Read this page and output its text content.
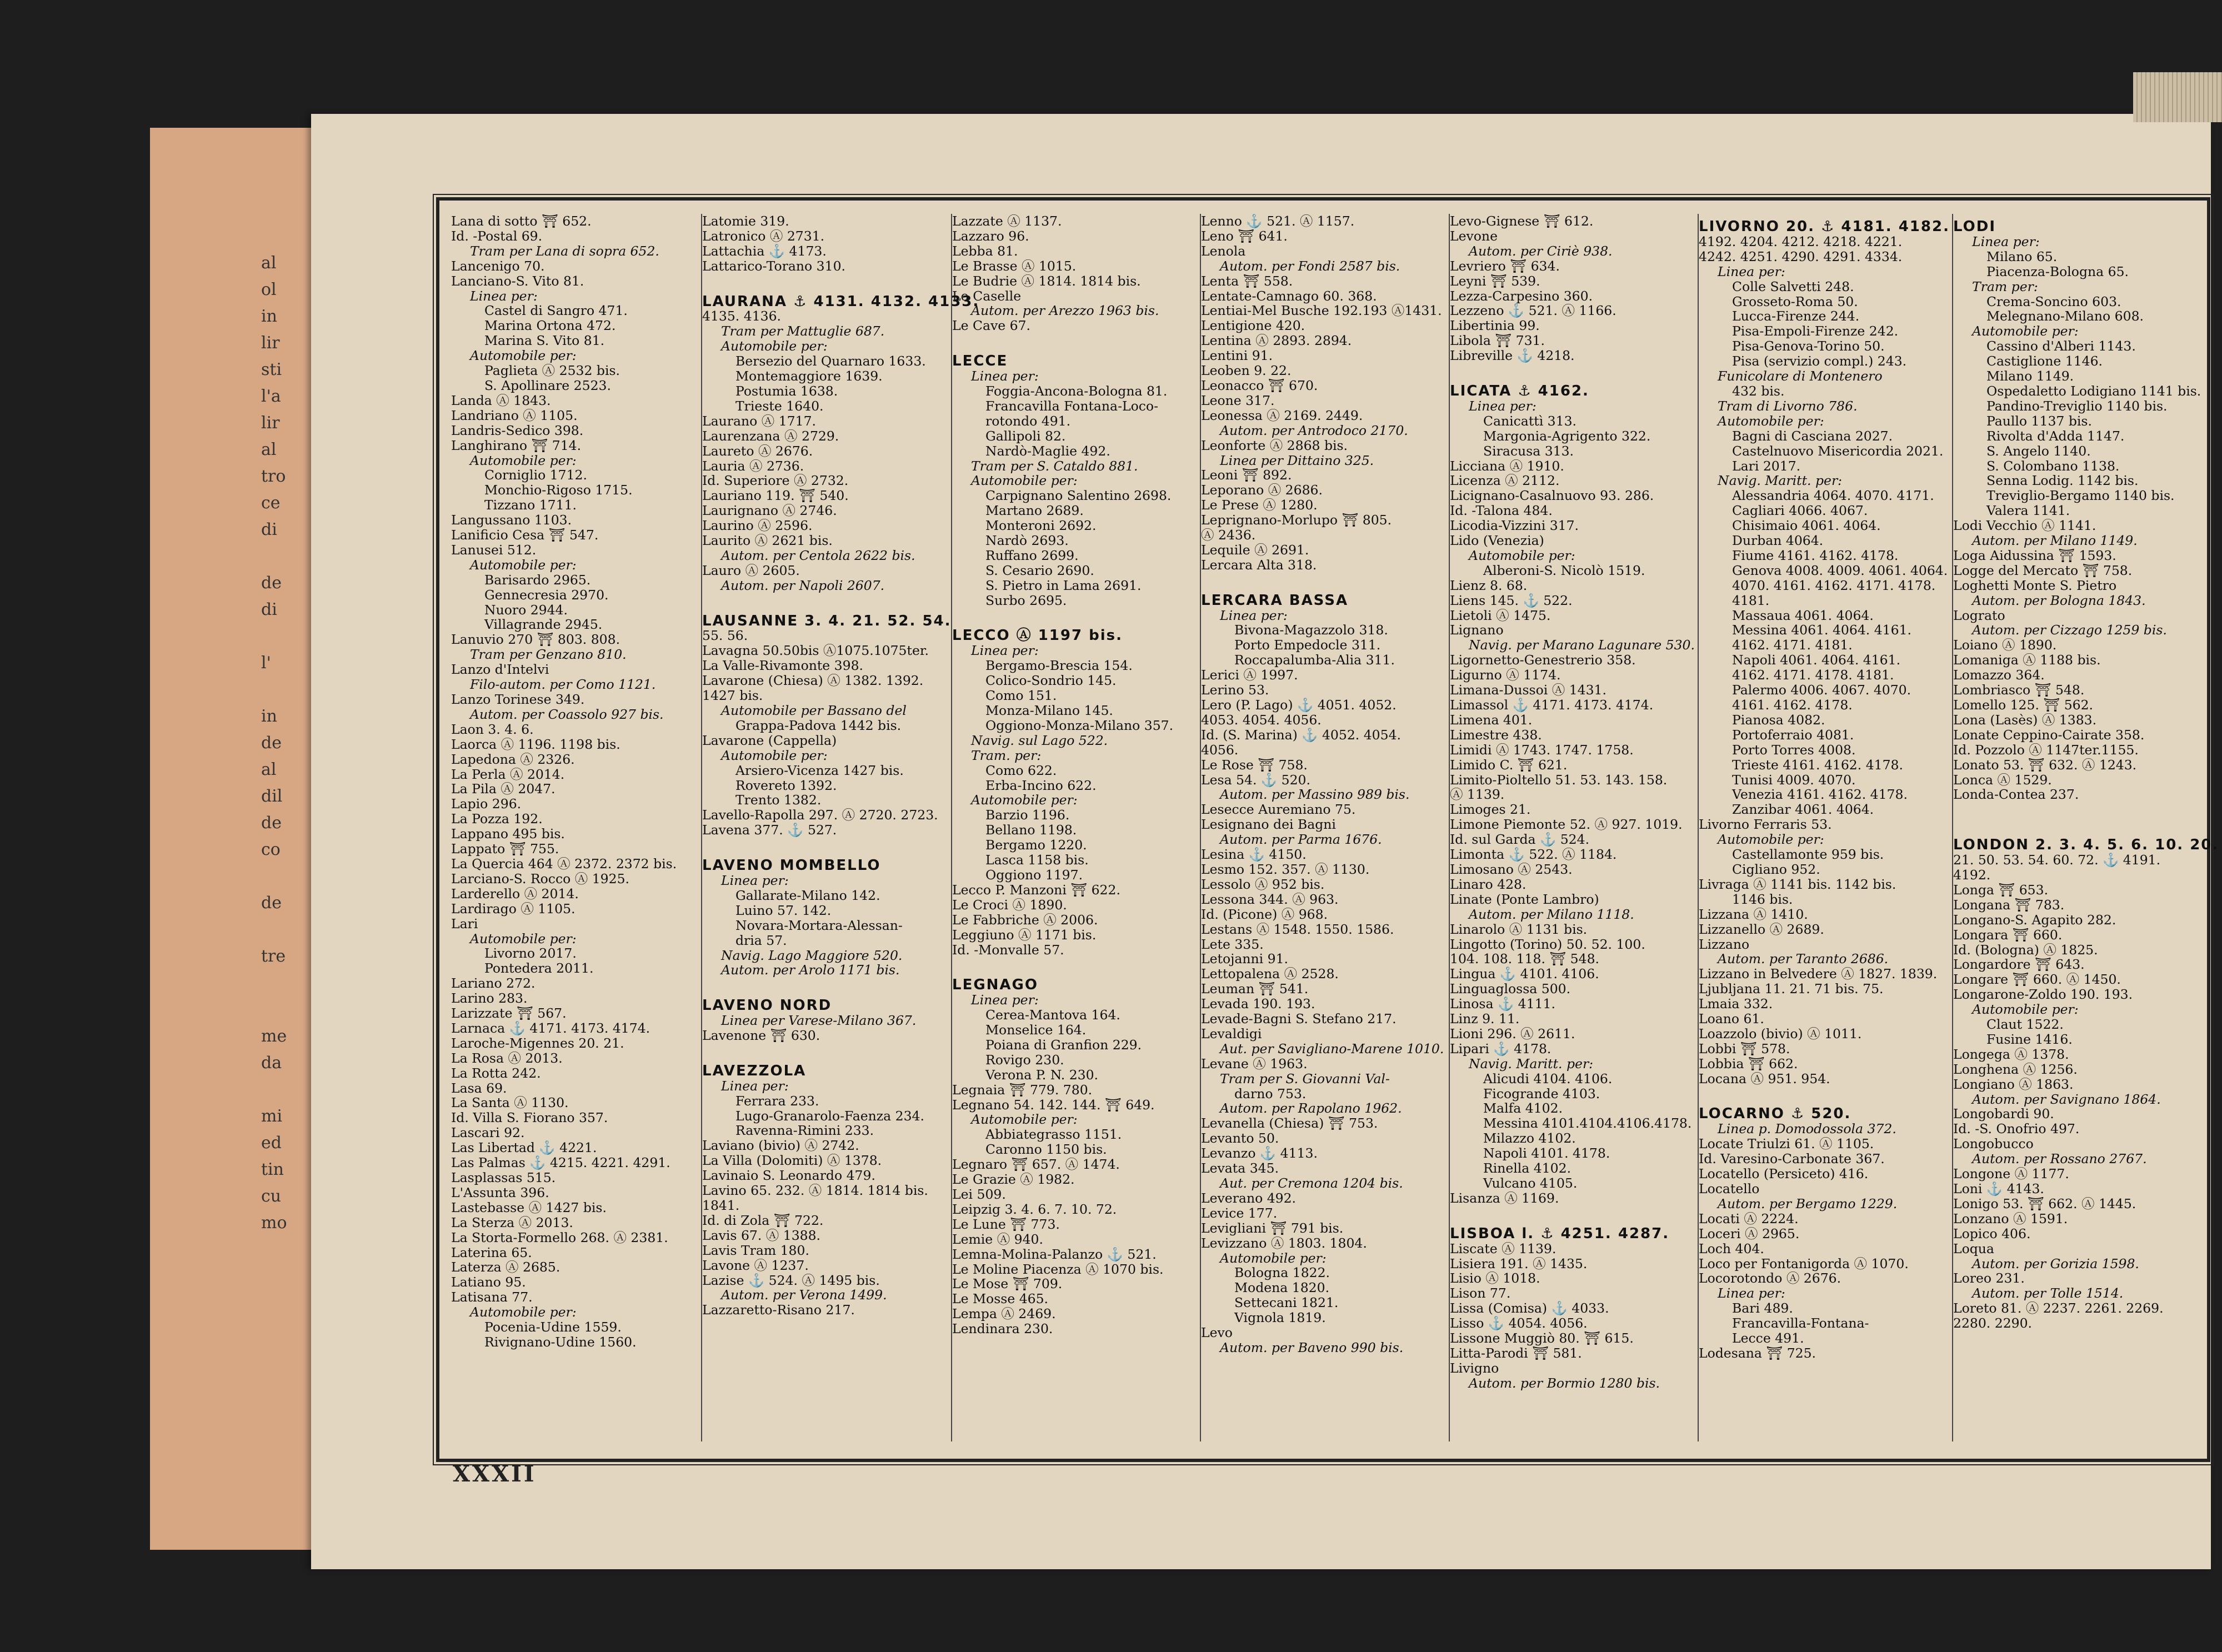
al
ol
in
lir
sti
l'a
lir
al
tro
ce
di

de
di

l'

in
de
al
dil
de
co

de

tre

me
da

mi
ed
tin
cu
mo
Lana di sotto ⛩ 652.
Id. -Postal 69.
Tram per Lana di sopra 652.
Lancenigo 70.
Lanciano-S. Vito 81.
Linea per:
Castel di Sangro 471.
Marina Ortona 472.
Marina S. Vito 81.
Automobile per:
Paglieta Ⓐ 2532 bis.
S. Apollinare 2523.
Landa Ⓐ 1843.
Landriano Ⓐ 1105.
Landris-Sedico 398.
Langhirano ⛩ 714.
Automobile per:
Corniglio 1712.
Monchio-Rigoso 1715.
Tizzano 1711.
Langussano 1103.
Lanificio Cesa ⛩ 547.
Lanusei 512.
Automobile per:
Barisardo 2965.
Gennecresia 2970.
Nuoro 2944.
Villagrande 2945.
Lanuvio 270 ⛩ 803. 808.
Tram per Genzano 810.
Lanzo d'Intelvi
Filo-autom. per Como 1121.
Lanzo Torinese 349.
Autom. per Coassolo 927 bis.
Laon 3. 4. 6.
Laorca Ⓐ 1196. 1198 bis.
Lapedona Ⓐ 2326.
La Perla Ⓐ 2014.
La Pila Ⓐ 2047.
Lapio 296.
La Pozza 192.
Lappano 495 bis.
Lappato ⛩ 755.
La Quercia 464 Ⓐ 2372. 2372 bis.
Larciano-S. Rocco Ⓐ 1925.
Larderello Ⓐ 2014.
Lardirago Ⓐ 1105.
Lari
Automobile per:
Livorno 2017.
Pontedera 2011.
Lariano 272.
Larino 283.
Larizzate ⛩ 567.
Larnaca ⚓ 4171. 4173. 4174.
Laroche-Migennes 20. 21.
La Rosa Ⓐ 2013.
La Rotta 242.
Lasa 69.
La Santa Ⓐ 1130.
Id. Villa S. Fiorano 357.
Lascari 92.
Las Libertad ⚓ 4221.
Las Palmas ⚓ 4215. 4221. 4291.
Lasplassas 515.
L'Assunta 396.
Lastebasse Ⓐ 1427 bis.
La Sterza Ⓐ 2013.
La Storta-Formello 268. Ⓐ 2381.
Laterina 65.
Laterza Ⓐ 2685.
Latiano 95.
Latisana 77.
Automobile per:
Pocenia-Udine 1559.
Rivignano-Udine 1560.
Latomie 319.
Latronico Ⓐ 2731.
Lattachia ⚓ 4173.
Lattarico-Torano 310.

LAURANA ⚓ 4131. 4132. 4133.
4135. 4136.
Tram per Mattuglie 687.
Automobile per:
Bersezio del Quarnaro 1633.
Montemaggiore 1639.
Postumia 1638.
Trieste 1640.
Laurano Ⓐ 1717.
Laurenzana Ⓐ 2729.
Laureto Ⓐ 2676.
Lauria Ⓐ 2736.
Id. Superiore Ⓐ 2732.
Lauriano 119. ⛩ 540.
Laurignano Ⓐ 2746.
Laurino Ⓐ 2596.
Laurito Ⓐ 2621 bis.
Autom. per Centola 2622 bis.
Lauro Ⓐ 2605.
Autom. per Napoli 2607.

LAUSANNE 3. 4. 21. 52. 54.
55. 56.
Lavagna 50.50bis Ⓐ1075.1075ter.
La Valle-Rivamonte 398.
Lavarone (Chiesa) Ⓐ 1382. 1392.
1427 bis.
Automobile per Bassano del
Grappa-Padova 1442 bis.
Lavarone (Cappella)
Automobile per:
Arsiero-Vicenza 1427 bis.
Rovereto 1392.
Trento 1382.
Lavello-Rapolla 297. Ⓐ 2720. 2723.
Lavena 377. ⚓ 527.

LAVENO MOMBELLO
Linea per:
Gallarate-Milano 142.
Luino 57. 142.
Novara-Mortara-Alessan-
dria 57.
Navig. Lago Maggiore 520.
Autom. per Arolo 1171 bis.

LAVENO NORD
Linea per Varese-Milano 367.
Lavenone ⛩ 630.

LAVEZZOLA
Linea per:
Ferrara 233.
Lugo-Granarolo-Faenza 234.
Ravenna-Rimini 233.
Laviano (bivio) Ⓐ 2742.
La Villa (Dolomiti) Ⓐ 1378.
Lavinaio S. Leonardo 479.
Lavino 65. 232. Ⓐ 1814. 1814 bis.
1841.
Id. di Zola ⛩ 722.
Lavis 67. Ⓐ 1388.
Lavis Tram 180.
Lavone Ⓐ 1237.
Lazise ⚓ 524. Ⓐ 1495 bis.
Autom. per Verona 1499.
Lazzaretto-Risano 217.
Lazzate Ⓐ 1137.
Lazzaro 96.
Lebba 81.
Le Brasse Ⓐ 1015.
Le Budrie Ⓐ 1814. 1814 bis.
Lo Caselle
Autom. per Arezzo 1963 bis.
Le Cave 67.

LECCE
Linea per:
Foggia-Ancona-Bologna 81.
Francavilla Fontana-Loco-
rotondo 491.
Gallipoli 82.
Nardò-Maglie 492.
Tram per S. Cataldo 881.
Automobile per:
Carpignano Salentino 2698.
Martano 2689.
Monteroni 2692.
Nardò 2693.
Ruffano 2699.
S. Cesario 2690.
S. Pietro in Lama 2691.
Surbo 2695.

LECCO Ⓐ 1197 bis.
Linea per:
Bergamo-Brescia 154.
Colico-Sondrio 145.
Como 151.
Monza-Milano 145.
Oggiono-Monza-Milano 357.
Navig. sul Lago 522.
Tram. per:
Como 622.
Erba-Incino 622.
Automobile per:
Barzio 1196.
Bellano 1198.
Bergamo 1220.
Lasca 1158 bis.
Oggiono 1197.
Lecco P. Manzoni ⛩ 622.
Le Croci Ⓐ 1890.
Le Fabbriche Ⓐ 2006.
Leggiuno Ⓐ 1171 bis.
Id. -Monvalle 57.

LEGNAGO
Linea per:
Cerea-Mantova 164.
Monselice 164.
Poiana di Granfion 229.
Rovigo 230.
Verona P. N. 230.
Legnaia ⛩ 779. 780.
Legnano 54. 142. 144. ⛩ 649.
Automobile per:
Abbiategrasso 1151.
Caronno 1150 bis.
Legnaro ⛩ 657. Ⓐ 1474.
Le Grazie Ⓐ 1982.
Lei 509.
Leipzig 3. 4. 6. 7. 10. 72.
Le Lune ⛩ 773.
Lemie Ⓐ 940.
Lemna-Molina-Palanzo ⚓ 521.
Le Moline Piacenza Ⓐ 1070 bis.
Le Mose ⛩ 709.
Le Mosse 465.
Lempa Ⓐ 2469.
Lendinara 230.
Lenno ⚓ 521. Ⓐ 1157.
Leno ⛩ 641.
Lenola
Autom. per Fondi 2587 bis.
Lenta ⛩ 558.
Lentate-Camnago 60. 368.
Lentiai-Mel Busche 192.193 Ⓐ1431.
Lentigione 420.
Lentina Ⓐ 2893. 2894.
Lentini 91.
Leoben 9. 22.
Leonacco ⛩ 670.
Leone 317.
Leonessa Ⓐ 2169. 2449.
Autom. per Antrodoco 2170.
Leonforte Ⓐ 2868 bis.
Linea per Dittaino 325.
Leoni ⛩ 892.
Leporano Ⓐ 2686.
Le Prese Ⓐ 1280.
Leprignano-Morlupo ⛩ 805.
Ⓐ 2436.
Lequile Ⓐ 2691.
Lercara Alta 318.

LERCARA BASSA
Linea per:
Bivona-Magazzolo 318.
Porto Empedocle 311.
Roccapalumba-Alia 311.
Lerici Ⓐ 1997.
Lerino 53.
Lero (P. Lago) ⚓ 4051. 4052.
4053. 4054. 4056.
Id. (S. Marina) ⚓ 4052. 4054.
4056.
Le Rose ⛩ 758.
Lesa 54. ⚓ 520.
Autom. per Massino 989 bis.
Lesecce Auremiano 75.
Lesignano dei Bagni
Autom. per Parma 1676.
Lesina ⚓ 4150.
Lesmo 152. 357. Ⓐ 1130.
Lessolo Ⓐ 952 bis.
Lessona 344. Ⓐ 963.
Id. (Picone) Ⓐ 968.
Lestans Ⓐ 1548. 1550. 1586.
Lete 335.
Letojanni 91.
Lettopalena Ⓐ 2528.
Leuman ⛩ 541.
Levada 190. 193.
Levade-Bagni S. Stefano 217.
Levaldigi
Aut. per Savigliano-Marene 1010.
Levane Ⓐ 1963.
Tram per S. Giovanni Val-
darno 753.
Autom. per Rapolano 1962.
Levanella (Chiesa) ⛩ 753.
Levanto 50.
Levanzo ⚓ 4113.
Levata 345.
Aut. per Cremona 1204 bis.
Leverano 492.
Levice 177.
Levigliani ⛩ 791 bis.
Levizzano Ⓐ 1803. 1804.
Automobile per:
Bologna 1822.
Modena 1820.
Settecani 1821.
Vignola 1819.
Levo
Autom. per Baveno 990 bis.
Levo-Gignese ⛩ 612.
Levone
Autom. per Ciriè 938.
Levriero ⛩ 634.
Leyni ⛩ 539.
Lezza-Carpesino 360.
Lezzeno ⚓ 521. Ⓐ 1166.
Libertinia 99.
Libola ⛩ 731.
Libreville ⚓ 4218.

LICATA ⚓ 4162.
Linea per:
Canicattì 313.
Margonia-Agrigento 322.
Siracusa 313.
Licciana Ⓐ 1910.
Licenza Ⓐ 2112.
Licignano-Casalnuovo 93. 286.
Id. -Talona 484.
Licodia-Vizzini 317.
Lido (Venezia)
Automobile per:
Alberoni-S. Nicolò 1519.
Lienz 8. 68.
Liens 145. ⚓ 522.
Lietoli Ⓐ 1475.
Lignano
Navig. per Marano Lagunare 530.
Ligornetto-Genestrerio 358.
Ligurno Ⓐ 1174.
Limana-Dussoi Ⓐ 1431.
Limassol ⚓ 4171. 4173. 4174.
Limena 401.
Limestre 438.
Limidi Ⓐ 1743. 1747. 1758.
Limido C. ⛩ 621.
Limito-Pioltello 51. 53. 143. 158.
Ⓐ 1139.
Limoges 21.
Limone Piemonte 52. Ⓐ 927. 1019.
Id. sul Garda ⚓ 524.
Limonta ⚓ 522. Ⓐ 1184.
Limosano Ⓐ 2543.
Linaro 428.
Linate (Ponte Lambro)
Autom. per Milano 1118.
Linarolo Ⓐ 1131 bis.
Lingotto (Torino) 50. 52. 100.
104. 108. 118. ⛩ 548.
Lingua ⚓ 4101. 4106.
Linguaglossa 500.
Linosa ⚓ 4111.
Linz 9. 11.
Lioni 296. Ⓐ 2611.
Lipari ⚓ 4178.
Navig. Maritt. per:
Alicudi 4104. 4106.
Ficogrande 4103.
Malfa 4102.
Messina 4101.4104.4106.4178.
Milazzo 4102.
Napoli 4101. 4178.
Rinella 4102.
Vulcano 4105.
Lisanza Ⓐ 1169.

LISBOA l. ⚓ 4251. 4287.
Liscate Ⓐ 1139.
Lisiera 191. Ⓐ 1435.
Lisio Ⓐ 1018.
Lison 77.
Lissa (Comisa) ⚓ 4033.
Lisso ⚓ 4054. 4056.
Lissone Muggiò 80. ⛩ 615.
Litta-Parodi ⛩ 581.
Livigno
Autom. per Bormio 1280 bis.
LIVORNO 20. ⚓ 4181. 4182.
4192. 4204. 4212. 4218. 4221.
4242. 4251. 4290. 4291. 4334.
Linea per:
Colle Salvetti 248.
Grosseto-Roma 50.
Lucca-Firenze 244.
Pisa-Empoli-Firenze 242.
Pisa-Genova-Torino 50.
Pisa (servizio compl.) 243.
Funicolare di Montenero
432 bis.
Tram di Livorno 786.
Automobile per:
Bagni di Casciana 2027.
Castelnuovo Misericordia 2021.
Lari 2017.
Navig. Maritt. per:
Alessandria 4064. 4070. 4171.
Cagliari 4066. 4067.
Chisimaio 4061. 4064.
Durban 4064.
Fiume 4161. 4162. 4178.
Genova 4008. 4009. 4061. 4064.
4070. 4161. 4162. 4171. 4178.
4181.
Massaua 4061. 4064.
Messina 4061. 4064. 4161.
4162. 4171. 4181.
Napoli 4061. 4064. 4161.
4162. 4171. 4178. 4181.
Palermo 4006. 4067. 4070.
4161. 4162. 4178.
Pianosa 4082.
Portoferraio 4081.
Porto Torres 4008.
Trieste 4161. 4162. 4178.
Tunisi 4009. 4070.
Venezia 4161. 4162. 4178.
Zanzibar 4061. 4064.
Livorno Ferraris 53.
Automobile per:
Castellamonte 959 bis.
Cigliano 952.
Livraga Ⓐ 1141 bis. 1142 bis.
1146 bis.
Lizzana Ⓐ 1410.
Lizzanello Ⓐ 2689.
Lizzano
Autom. per Taranto 2686.
Lizzano in Belvedere Ⓐ 1827. 1839.
Ljubljana 11. 21. 71 bis. 75.
Lmaia 332.
Loano 61.
Loazzolo (bivio) Ⓐ 1011.
Lobbi ⛩ 578.
Lobbia ⛩ 662.
Locana Ⓐ 951. 954.

LOCARNO ⚓ 520.
Linea p. Domodossola 372.
Locate Triulzi 61. Ⓐ 1105.
Id. Varesino-Carbonate 367.
Locatello (Persiceto) 416.
Locatello
Autom. per Bergamo 1229.
Locati Ⓐ 2224.
Loceri Ⓐ 2965.
Loch 404.
Loco per Fontanigorda Ⓐ 1070.
Locorotondo Ⓐ 2676.
Linea per:
Bari 489.
Francavilla-Fontana-
Lecce 491.
Lodesana ⛩ 725.
LODI
Linea per:
Milano 65.
Piacenza-Bologna 65.
Tram per:
Crema-Soncino 603.
Melegnano-Milano 608.
Automobile per:
Cassino d'Alberi 1143.
Castiglione 1146.
Milano 1149.
Ospedaletto Lodigiano 1141 bis.
Pandino-Treviglio 1140 bis.
Paullo 1137 bis.
Rivolta d'Adda 1147.
S. Angelo 1140.
S. Colombano 1138.
Senna Lodig. 1142 bis.
Treviglio-Bergamo 1140 bis.
Valera 1141.
Lodi Vecchio Ⓐ 1141.
Autom. per Milano 1149.
Loga Aidussina ⛩ 1593.
Logge del Mercato ⛩ 758.
Loghetti Monte S. Pietro
Autom. per Bologna 1843.
Lograto
Autom. per Cizzago 1259 bis.
Loiano Ⓐ 1890.
Lomaniga Ⓐ 1188 bis.
Lomazzo 364.
Lombriasco ⛩ 548.
Lomello 125. ⛩ 562.
Lona (Lasès) Ⓐ 1383.
Lonate Ceppino-Cairate 358.
Id. Pozzolo Ⓐ 1147ter.1155.
Lonato 53. ⛩ 632. Ⓐ 1243.
Lonca Ⓐ 1529.
Londa-Contea 237.

LONDON 2. 3. 4. 5. 6. 10. 20.
21. 50. 53. 54. 60. 72. ⚓ 4191.
4192.
Longa ⛩ 653.
Longana ⛩ 783.
Longano-S. Agapito 282.
Longara ⛩ 660.
Id. (Bologna) Ⓐ 1825.
Longardore ⛩ 643.
Longare ⛩ 660. Ⓐ 1450.
Longarone-Zoldo 190. 193.
Automobile per:
Claut 1522.
Fusine 1416.
Longega Ⓐ 1378.
Longhena Ⓐ 1256.
Longiano Ⓐ 1863.
Autom. per Savignano 1864.
Longobardi 90.
Id. -S. Onofrio 497.
Longobucco
Autom. per Rossano 2767.
Longone Ⓐ 1177.
Loni ⚓ 4143.
Lonigo 53. ⛩ 662. Ⓐ 1445.
Lonzano Ⓐ 1591.
Lopico 406.
Loqua
Autom. per Gorizia 1598.
Loreo 231.
Autom. per Tolle 1514.
Loreto 81. Ⓐ 2237. 2261. 2269.
2280. 2290.
XXXII
